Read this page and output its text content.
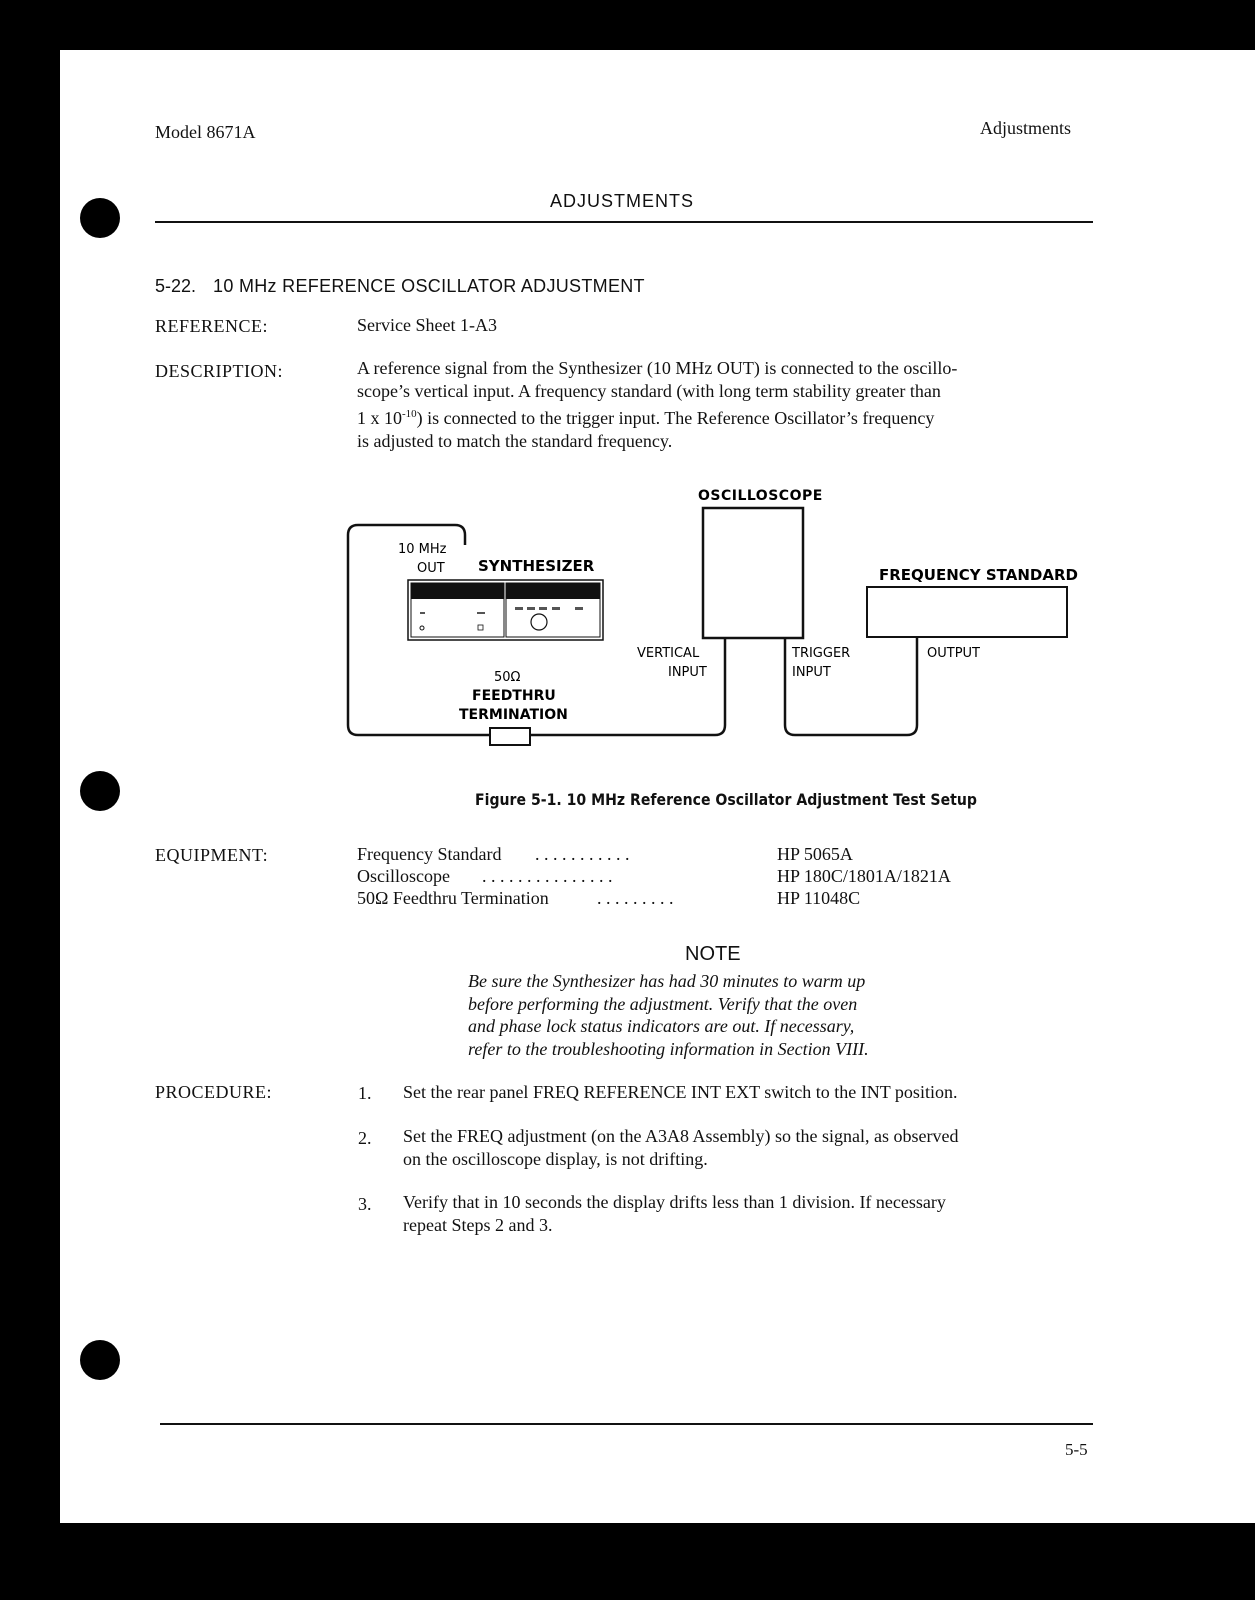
Model 8671A	Adjustments
ADJUSTMENTS
5-22. 10 MHz REFERENCE OSCILLATOR ADJUSTMENT
REFERENCE:	Service Sheet 1-A3
DESCRIPTION:	A reference signal from the Synthesizer (10 MHz OUT) is connected to the oscillo-
scope’s vertical input. A frequency standard (with long term stability greater than
1 x $10^{-10}$) is connected to the trigger input. The Reference Oscillator’s frequency
is adjusted to match the standard frequency.
OSCILLOSCOPE
10 MHz
OUT SYNTHESIZER	FREQUENCY STANDARD
VERTICAL
INPUT
TRIGGER
INPUT
OUTPUT
50Ω
FEEDTHRU
TERMINATION
Figure 5-1. 10 MHz Reference Oscillator Adjustment Test Setup
EQUIPMENT:	Frequency Standard . . . . . . . . . . .	HP 5065A
Oscilloscope . . . . . . . . . . . . . . .	HP 180C/1801A/1821A
50Ω Feedthru Termination	. . . . . . . . .	HP 11048C
NOTE
Be sure the Synthesizer has had 30 minutes to warm up
before performing the adjustment. Verify that the oven
and phase lock status indicators are out. If necessary,
refer to the troubleshooting information in Section VIII.
PROCEDURE:	1. Set the rear panel FREQ REFERENCE INT EXT switch to the INT position.
2. Set the FREQ adjustment (on the A3A8 Assembly) so the signal, as observed
on the oscilloscope display, is not drifting.
3. Verify that in 10 seconds the display drifts less than 1 division. If necessary
repeat Steps 2 and 3.
5-5
